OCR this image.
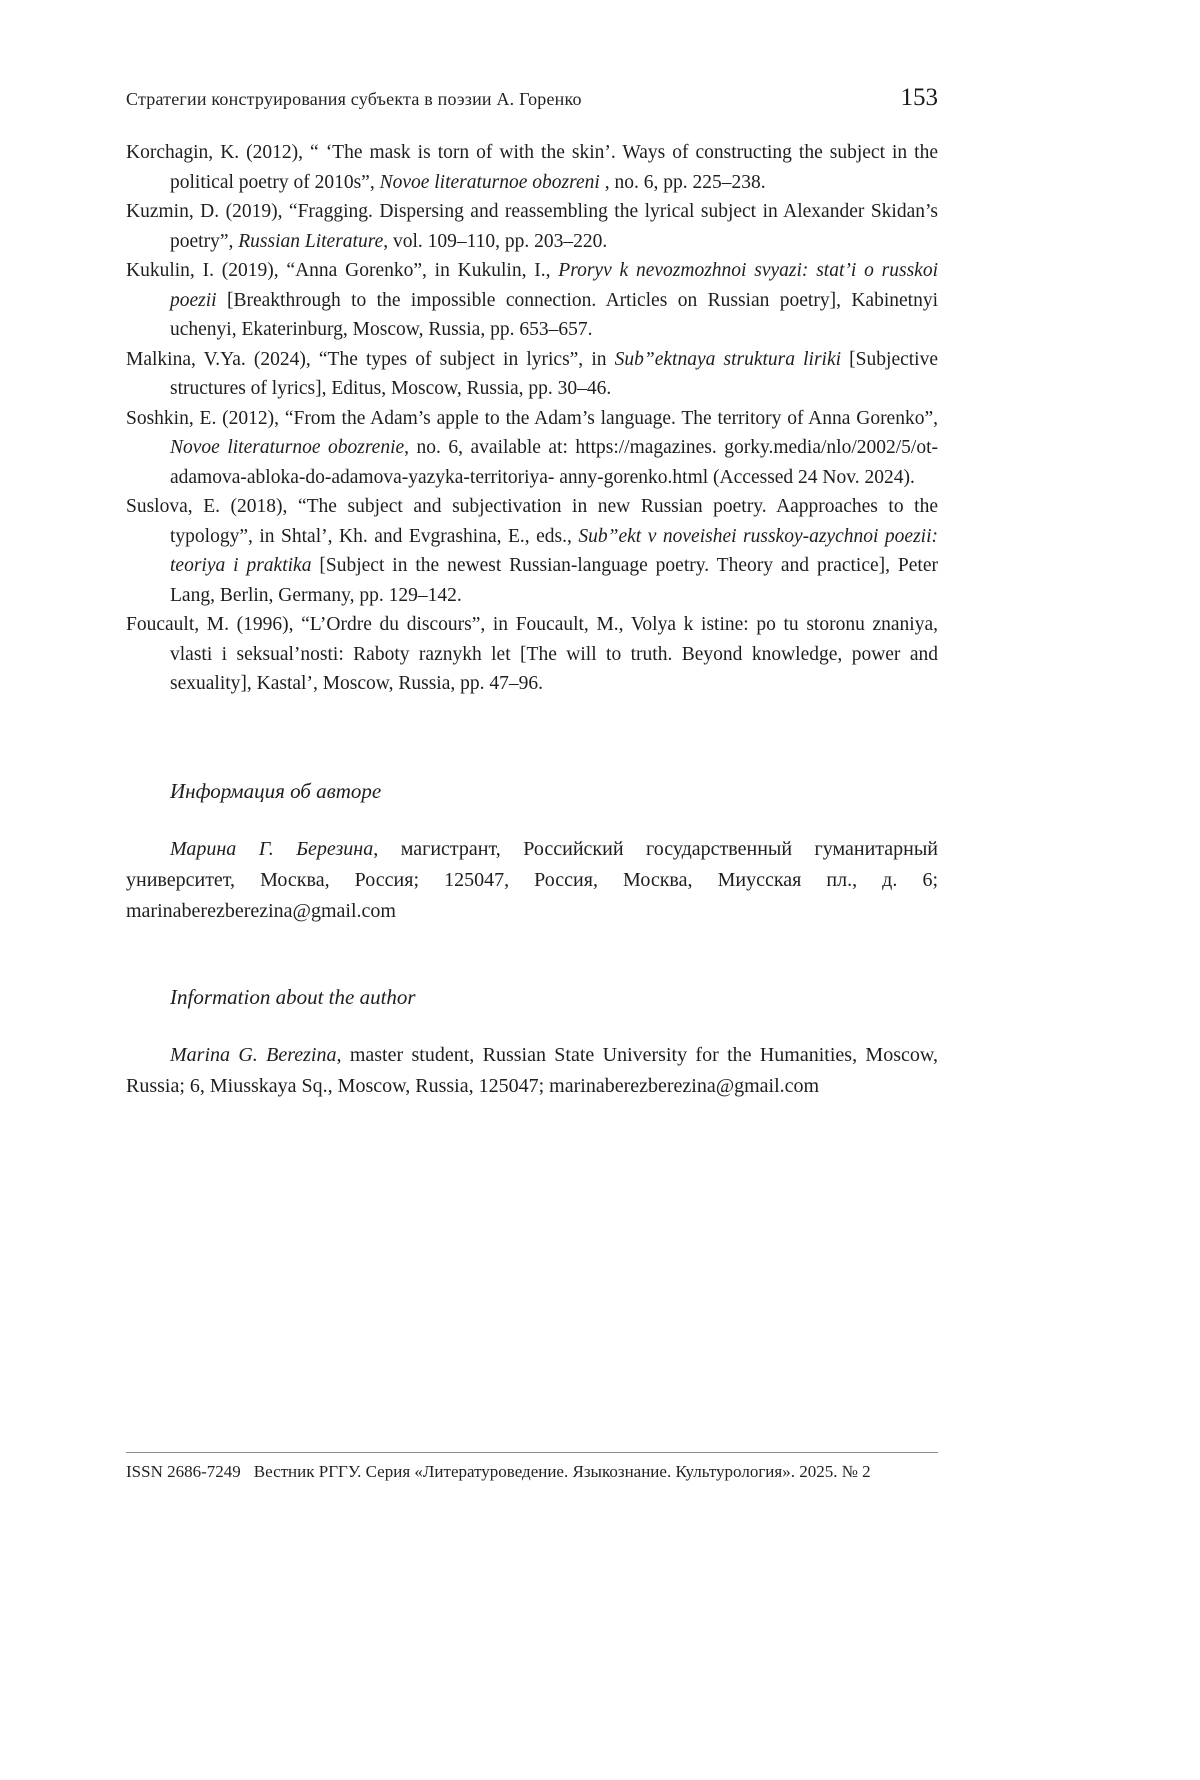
Стратегии конструирования субъекта в поэзии А. Горенко	153

Korchagin, K. (2012), “ ‘The mask is torn of with the skin’. Ways of constructing the subject in the political poetry of 2010s”, Novoe literaturnoe obozreni , no. 6, pp. 225–238.

Kuzmin, D. (2019), “Fragging. Dispersing and reassembling the lyrical subject in Alexander Skidan’s poetry”, Russian Literature, vol. 109–110, pp. 203–220.

Kukulin, I. (2019), “Anna Gorenko”, in Kukulin, I., Proryv k nevozmozhnoi svyazi: stat’i o russkoi poezii [Breakthrough to the impossible connection. Articles on Russian poetry], Kabinetnyi uchenyi, Ekaterinburg, Moscow, Russia, pp. 653–657.

Malkina, V.Ya. (2024), “The types of subject in lyrics”, in Sub”ektnaya struktura liriki [Subjective structures of lyrics], Editus, Moscow, Russia, pp. 30–46.

Soshkin, E. (2012), “From the Adam’s apple to the Adam’s language. The territory of Anna Gorenko”, Novoe literaturnoe obozrenie, no. 6, available at: https://magazines. gorky.media/nlo/2002/5/ot-adamova-abloka-do-adamova-yazyka-territoriya- anny-gorenko.html (Accessed 24 Nov. 2024).

Suslova, E. (2018), “The subject and subjectivation in new Russian poetry. Aapproaches to the typology”, in Shtal’, Kh. and Evgrashina, E., eds., Sub”ekt v noveishei russkoy-azychnoi poezii: teoriya i praktika [Subject in the newest Russian-language poetry. Theory and practice], Peter Lang, Berlin, Germany, pp. 129–142.

Foucault, M. (1996), “L’Ordre du discours”, in Foucault, M., Volya k istine: po tu storonu znaniya, vlasti i seksual’nosti: Raboty raznykh let [The will to truth. Beyond knowledge, power and sexuality], Kastal’, Moscow, Russia, pp. 47–96.

Информация об авторе

Марина Г. Березина, магистрант, Российский государственный гуманитарный университет, Москва, Россия; 125047, Россия, Москва, Миусская пл., д. 6; marinaberezberezina@gmail.com

Information about the author

Marina G. Berezina, master student, Russian State University for the Humanities, Moscow, Russia; 6, Miusskaya Sq., Moscow, Russia, 125047; marinaberezberezina@gmail.com

ISSN 2686-7249 Вестник РГГУ. Серия «Литературоведение. Языкознание. Культурология». 2025. № 2
